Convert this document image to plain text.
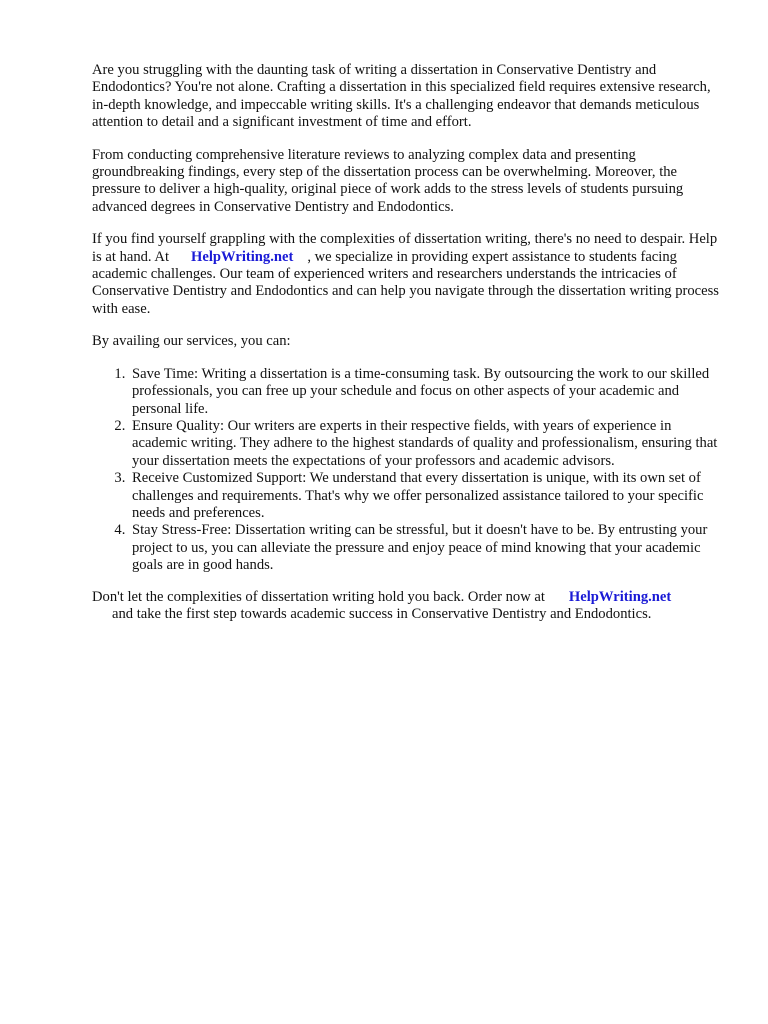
Are you struggling with the daunting task of writing a dissertation in Conservative Dentistry and Endodontics? You're not alone. Crafting a dissertation in this specialized field requires extensive research, in-depth knowledge, and impeccable writing skills. It's a challenging endeavor that demands meticulous attention to detail and a significant investment of time and effort.

From conducting comprehensive literature reviews to analyzing complex data and presenting groundbreaking findings, every step of the dissertation process can be overwhelming. Moreover, the pressure to deliver a high-quality, original piece of work adds to the stress levels of students pursuing advanced degrees in Conservative Dentistry and Endodontics.

If you find yourself grappling with the complexities of dissertation writing, there's no need to despair. Help is at hand. At HelpWriting.net , we specialize in providing expert assistance to students facing academic challenges. Our team of experienced writers and researchers understands the intricacies of Conservative Dentistry and Endodontics and can help you navigate through the dissertation writing process with ease.

By availing our services, you can:

1. Save Time: Writing a dissertation is a time-consuming task. By outsourcing the work to our skilled professionals, you can free up your schedule and focus on other aspects of your academic and personal life.
2. Ensure Quality: Our writers are experts in their respective fields, with years of experience in academic writing. They adhere to the highest standards of quality and professionalism, ensuring that your dissertation meets the expectations of your professors and academic advisors.
3. Receive Customized Support: We understand that every dissertation is unique, with its own set of challenges and requirements. That's why we offer personalized assistance tailored to your specific needs and preferences.
4. Stay Stress-Free: Dissertation writing can be stressful, but it doesn't have to be. By entrusting your project to us, you can alleviate the pressure and enjoy peace of mind knowing that your academic goals are in good hands.

Don't let the complexities of dissertation writing hold you back. Order now at HelpWriting.net
and take the first step towards academic success in Conservative Dentistry and Endodontics.
